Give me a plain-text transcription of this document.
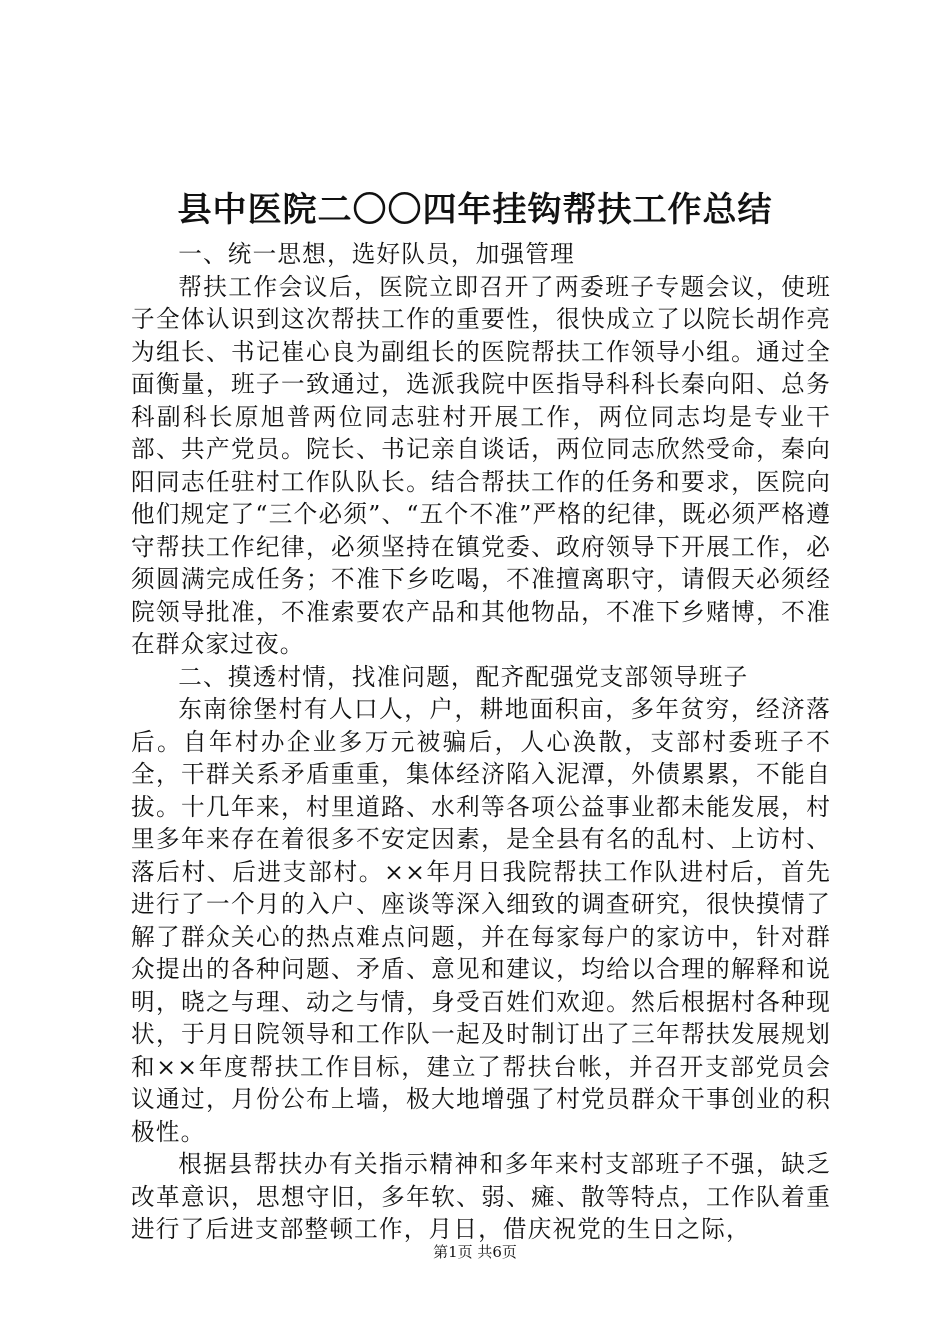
县中医院二〇〇四年挂钩帮扶工作总结

一、统一思想，选好队员，加强管理

帮扶工作会议后，医院立即召开了两委班子专题会议，使班子全体认识到这次帮扶工作的重要性，很快成立了以院长胡作亮为组长、书记崔心良为副组长的医院帮扶工作领导小组。通过全面衡量，班子一致通过，选派我院中医指导科科长秦向阳、总务科副科长原旭普两位同志驻村开展工作，两位同志均是专业干部、共产党员。院长、书记亲自谈话，两位同志欣然受命，秦向阳同志任驻村工作队队长。结合帮扶工作的任务和要求，医院向他们规定了“三个必须”、“五个不准”严格的纪律，既必须严格遵守帮扶工作纪律，必须坚持在镇党委、政府领导下开展工作，必须圆满完成任务；不准下乡吃喝，不准擅离职守，请假天必须经院领导批准，不准索要农产品和其他物品，不准下乡赌博，不准在群众家过夜。

二、摸透村情，找准问题，配齐配强党支部领导班子

东南徐堡村有人口人，户，耕地面积亩，多年贫穷，经济落后。自年村办企业多万元被骗后，人心涣散，支部村委班子不全，干群关系矛盾重重，集体经济陷入泥潭，外债累累，不能自拔。十几年来，村里道路、水利等各项公益事业都未能发展，村里多年来存在着很多不安定因素，是全县有名的乱村、上访村、落后村、后进支部村。××年月日我院帮扶工作队进村后，首先进行了一个月的入户、座谈等深入细致的调查研究，很快摸情了解了群众关心的热点难点问题，并在每家每户的家访中，针对群众提出的各种问题、矛盾、意见和建议，均给以合理的解释和说明，晓之与理、动之与情，身受百姓们欢迎。然后根据村各种现状，于月日院领导和工作队一起及时制订出了三年帮扶发展规划和××年度帮扶工作目标，建立了帮扶台帐，并召开支部党员会议通过，月份公布上墙，极大地增强了村党员群众干事创业的积极性。

根据县帮扶办有关指示精神和多年来村支部班子不强，缺乏改革意识，思想守旧，多年软、弱、瘫、散等特点，工作队着重进行了后进支部整顿工作，月日，借庆祝党的生日之际，

第1页 共6页
